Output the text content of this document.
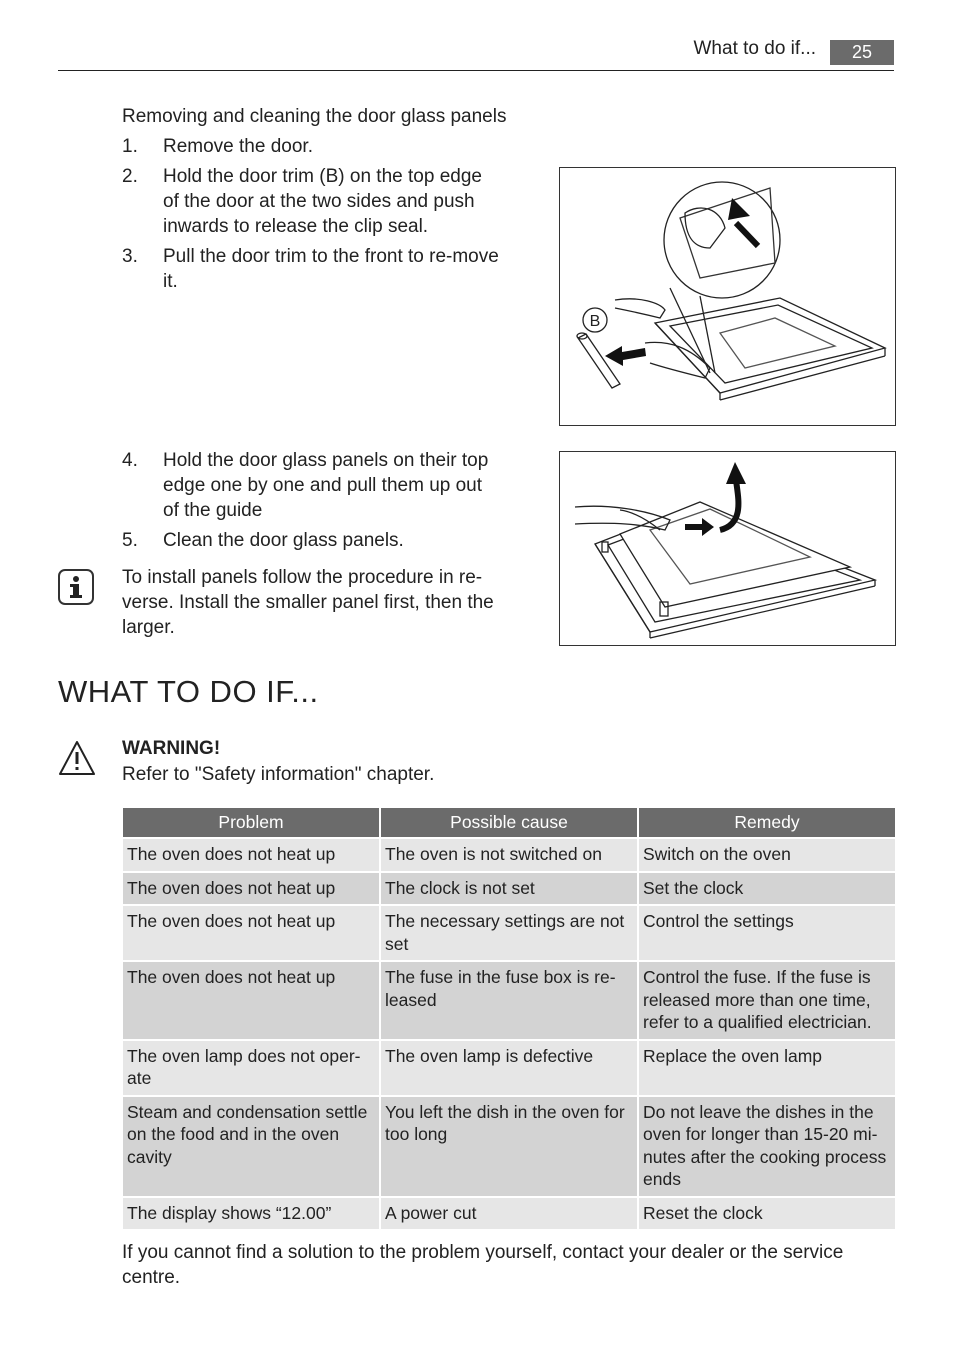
What to do if...	25
Removing and cleaning the door glass panels
1. Remove the door.
2. Hold the door trim (B) on the top edge of the door at the two sides and push inwards to release the clip seal.
3. Pull the door trim to the front to re-move it.
B
4. Hold the door glass panels on their top edge one by one and pull them up out of the guide
5. Clean the door glass panels.
To install panels follow the procedure in re-verse. Install the smaller panel first, then the larger.
WHAT TO DO IF...
WARNING!
Refer to "Safety information" chapter.
Problem	Possible cause	Remedy
The oven does not heat up	The oven is not switched on	Switch on the oven
The oven does not heat up	The clock is not set	Set the clock
The oven does not heat up	The necessary settings are not set	Control the settings
The oven does not heat up	The fuse in the fuse box is re-leased	Control the fuse. If the fuse is released more than one time, refer to a qualified electrician.
The oven lamp does not oper-ate	The oven lamp is defective	Replace the oven lamp
Steam and condensation settle on the food and in the oven cavity	You left the dish in the oven for too long	Do not leave the dishes in the oven for longer than 15-20 mi-nutes after the cooking process ends
The display shows “12.00”	A power cut	Reset the clock
If you cannot find a solution to the problem yourself, contact your dealer or the service centre.
